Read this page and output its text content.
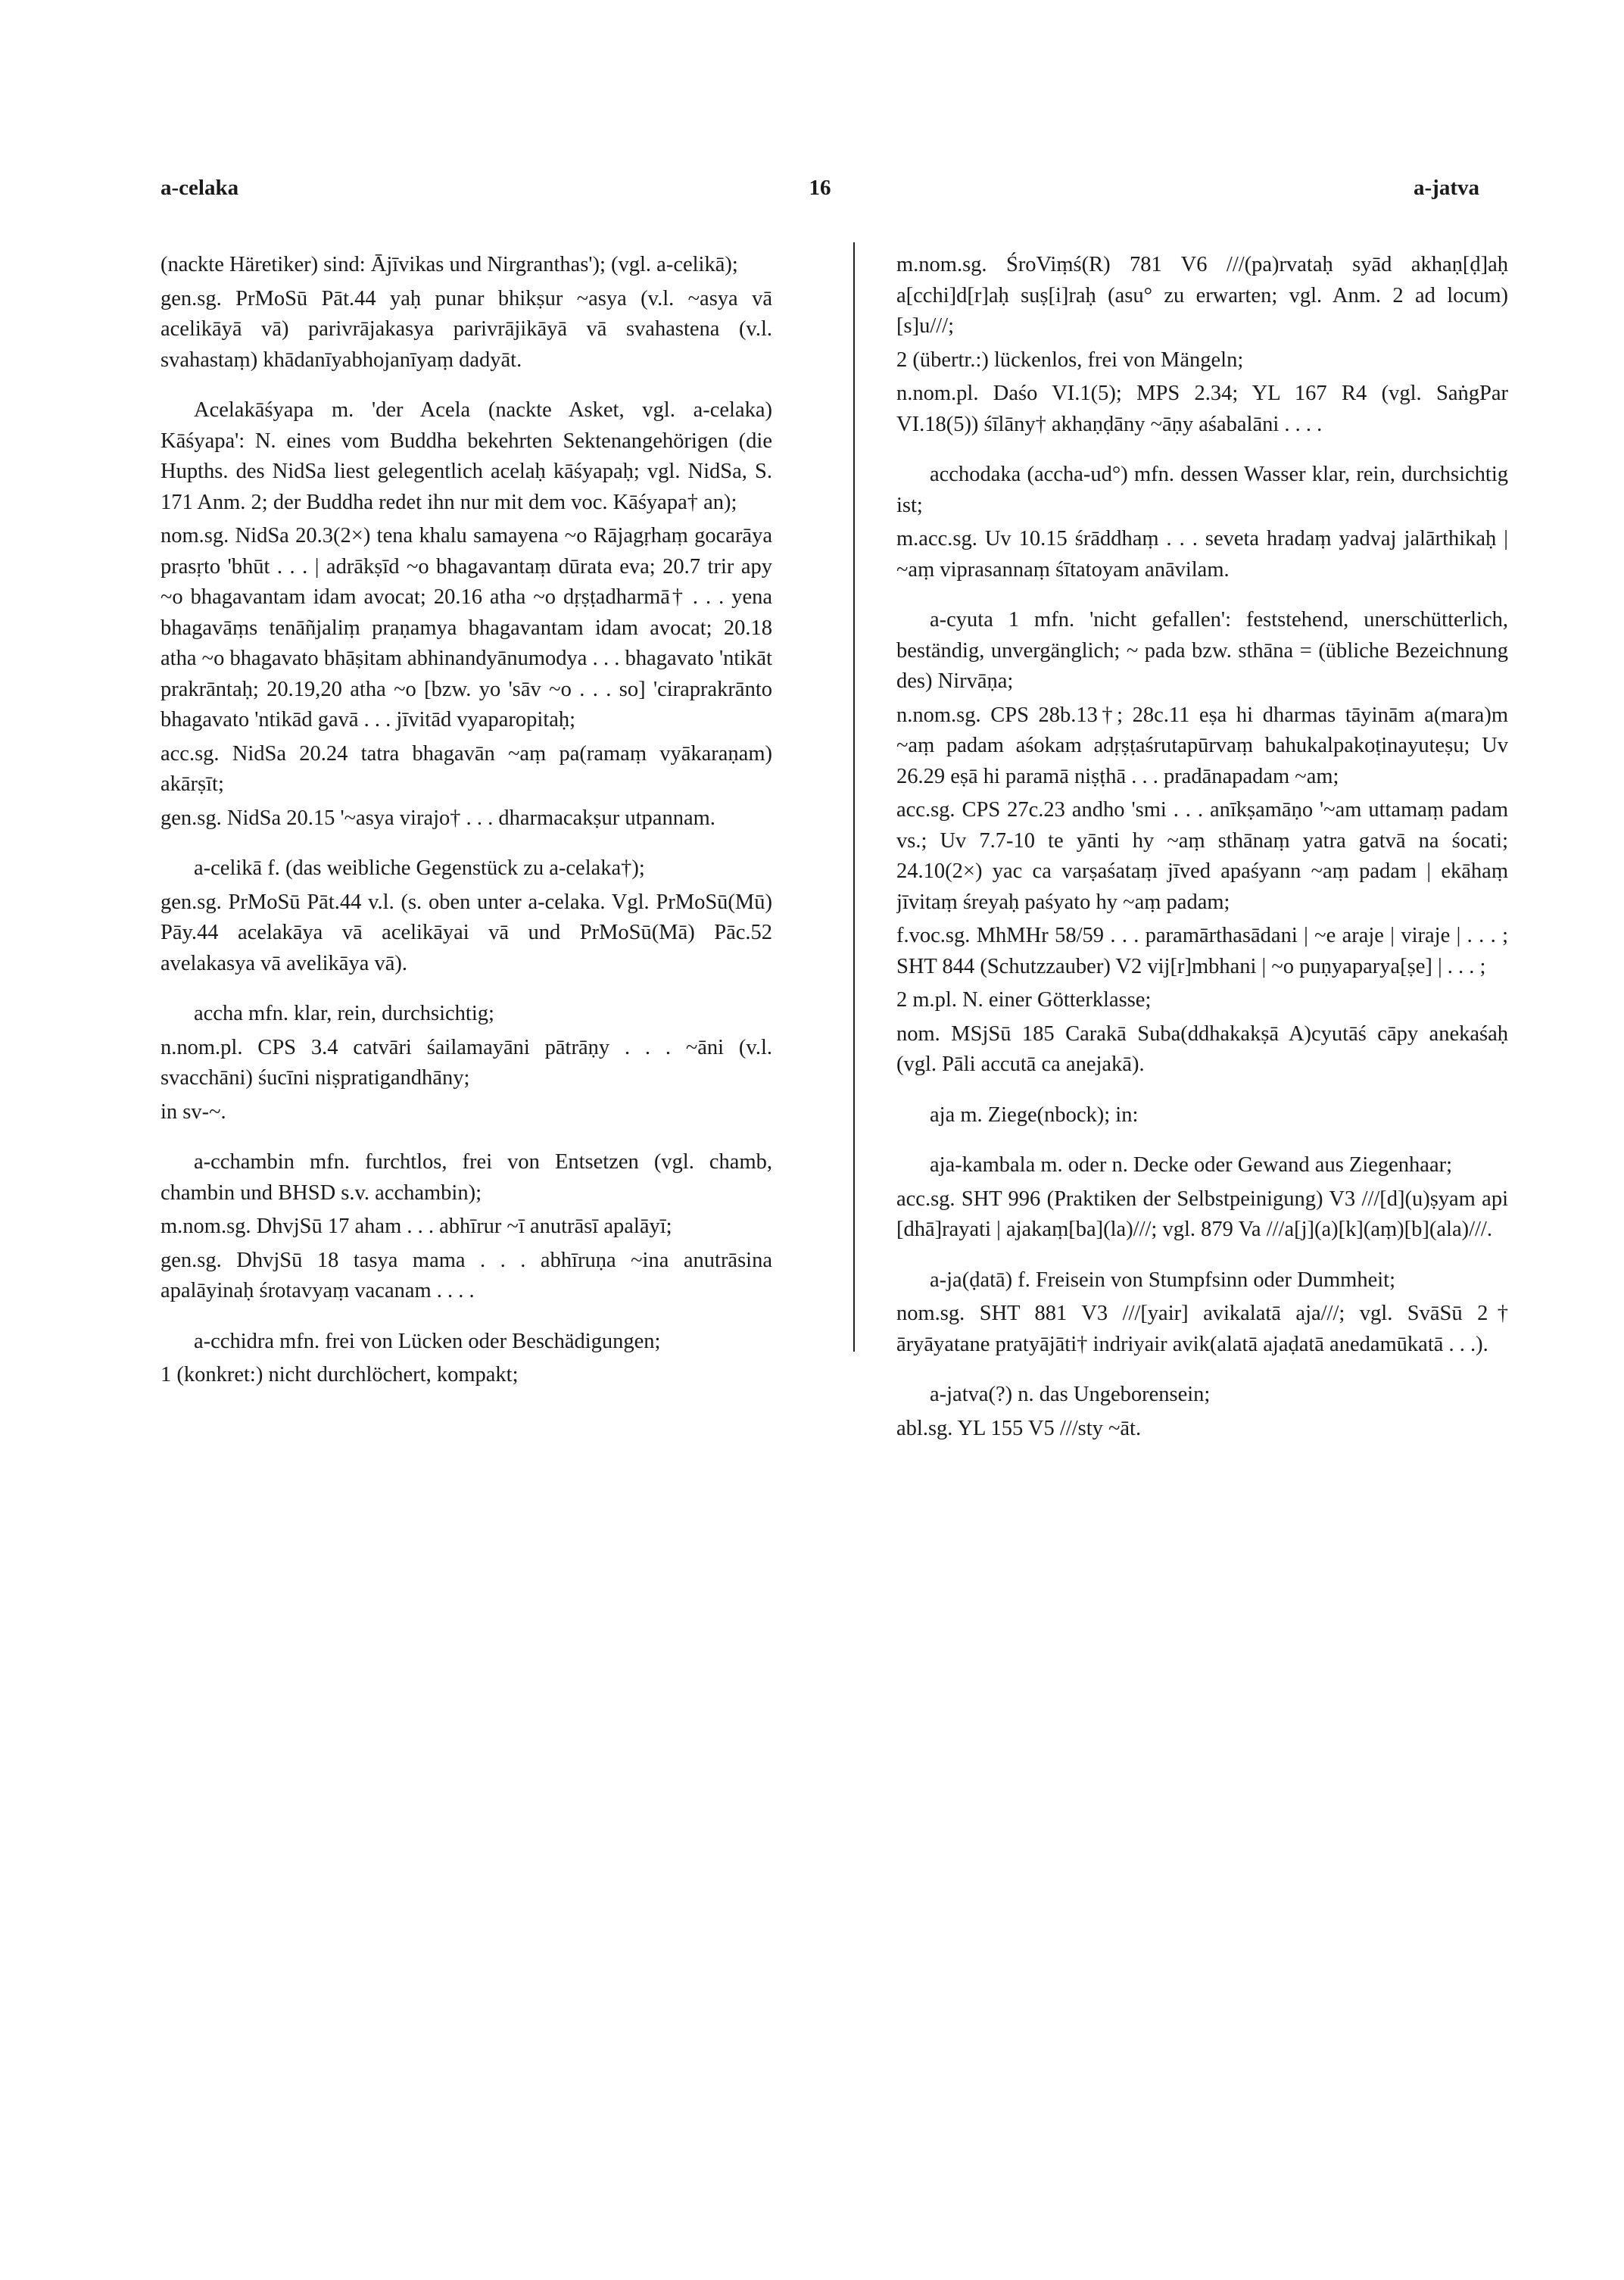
a-celaka	16	a-jatva

(nackte Häretiker) sind: Ājīvikas und Nirgranthas'); (vgl. a-celikā);

gen.sg. PrMoSū Pāt.44 yaḥ punar bhikṣur ~asya (v.l. ~asya vā acelikāyā vā) parivrājakasya parivrājikāyā vā svahastena (v.l. svahastaṃ) khādanīyabhojanīyaṃ dadyāt.

Acelakāśyapa m. 'der Acela (nackte Asket, vgl. a-celaka) Kāśyapa': N. eines vom Buddha bekehrten Sektenangehörigen (die Hupths. des NidSa liest gelegentlich acelaḥ kāśyapaḥ; vgl. NidSa, S. 171 Anm. 2; der Buddha redet ihn nur mit dem voc. Kāśyapa† an);

nom.sg. NidSa 20.3(2×) tena khalu samayena ~o Rājagṛhaṃ gocarāya prasṛto 'bhūt . . . | adrākṣīd ~o bhagavantaṃ dūrata eva; 20.7 trir apy ~o bhagavantam idam avocat; 20.16 atha ~o dṛṣṭadharmā† . . . yena bhagavāṃs tenāñjaliṃ praṇamya bhagavantam idam avocat; 20.18 atha ~o bhagavato bhāṣitam abhinandyānumodya . . . bhagavato 'ntikāt prakrāntaḥ; 20.19,20 atha ~o [bzw. yo 'sāv ~o . . . so] 'ciraprakrānto bhagavato 'ntikād gavā . . . jīvitād vyaparopitaḥ;

acc.sg. NidSa 20.24 tatra bhagavān ~aṃ pa(ramaṃ vyākaraṇam) akārṣīt;

gen.sg. NidSa 20.15 '~asya virajo† . . . dharmacakṣur utpannam.

a-celikā f. (das weibliche Gegenstück zu a-celaka†);

gen.sg. PrMoSū Pāt.44 v.l. (s. oben unter a-celaka. Vgl. PrMoSū(Mū) Pāy.44 acelakāya vā acelikāyai vā und PrMoSū(Mā) Pāc.52 avelakasya vā avelikāya vā).

accha mfn. klar, rein, durchsichtig;

n.nom.pl. CPS 3.4 catvāri śailamayāni pātrāṇy . . . ~āni (v.l. svacchāni) śucīni niṣpratigandhāny;

in sv-~.

a-cchambin mfn. furchtlos, frei von Entsetzen (vgl. chamb, chambin und BHSD s.v. acchambin);

m.nom.sg. DhvjSū 17 aham . . . abhīrur ~ī anutrāsī apalāyī;

gen.sg. DhvjSū 18 tasya mama . . . abhīruṇa ~ina anutrāsina apalāyinaḥ śrotavyaṃ vacanam . . . .

a-cchidra mfn. frei von Lücken oder Beschädigungen;

1 (konkret:) nicht durchlöchert, kompakt;

m.nom.sg. ŚroViṃś(R) 781 V6 ///(pa)rvataḥ syād akhaṇ[ḍ]aḥ a[cchi]d[r]aḥ suṣ[i]raḥ (asu° zu erwarten; vgl. Anm. 2 ad locum) [s]u///;

2 (übertr.:) lückenlos, frei von Mängeln;

n.nom.pl. Daśo VI.1(5); MPS 2.34; YL 167 R4 (vgl. SaṅgPar VI.18(5)) śīlāny† akhaṇḍāny ~āṇy aśabalāni . . . .

acchodaka (accha-ud°) mfn. dessen Wasser klar, rein, durchsichtig ist;

m.acc.sg. Uv 10.15 śrāddhaṃ . . . seveta hradaṃ yadvaj jalārthikaḥ | ~aṃ viprasannaṃ śītatoyam anāvilam.

a-cyuta 1 mfn. 'nicht gefallen': feststehend, unerschütterlich, beständig, unvergänglich; ~ pada bzw. sthāna = (übliche Bezeichnung des) Nirvāṇa;

n.nom.sg. CPS 28b.13†; 28c.11 eṣa hi dharmas tāyinām a(mara)m ~aṃ padam aśokam adṛṣṭaśrutapūrvaṃ bahukalpakoṭinayuteṣu; Uv 26.29 eṣā hi paramā niṣṭhā . . . pradānapadam ~am;

acc.sg. CPS 27c.23 andho 'smi . . . anīkṣamāṇo '~am uttamaṃ padam vs.; Uv 7.7-10 te yānti hy ~aṃ sthānaṃ yatra gatvā na śocati; 24.10(2×) yac ca varṣaśataṃ jīved apaśyann ~aṃ padam | ekāhaṃ jīvitaṃ śreyaḥ paśyato hy ~aṃ padam;

f.voc.sg. MhMHr 58/59 . . . paramārthasādani | ~e araje | viraje | . . . ; SHT 844 (Schutzzauber) V2 vij[r]mbhani | ~o puṇyaparya[ṣe] | . . . ;

2 m.pl. N. einer Götterklasse;

nom. MSjSū 185 Carakā Suba(ddhakakṣā A)cyutāś cāpy anekaśaḥ (vgl. Pāli accutā ca anejakā).

aja m. Ziege(nbock); in:

aja-kambala m. oder n. Decke oder Gewand aus Ziegenhaar;

acc.sg. SHT 996 (Praktiken der Selbstpeinigung) V3 ///[d](u)ṣyam api [dhā]rayati | ajakaṃ[ba](la)///; vgl. 879 Va ///a[j](a)[k](aṃ)[b](ala)///.

a-ja(ḍatā) f. Freisein von Stumpfsinn oder Dummheit;

nom.sg. SHT 881 V3 ///[yair] avikalatā aja///; vgl. SvāSū 2† āryāyatane pratyājāti† indriyair avik(alatā ajaḍatā anedamūkatā . . .).

a-jatva(?) n. das Ungeborensein;

abl.sg. YL 155 V5 ///sty ~āt.
